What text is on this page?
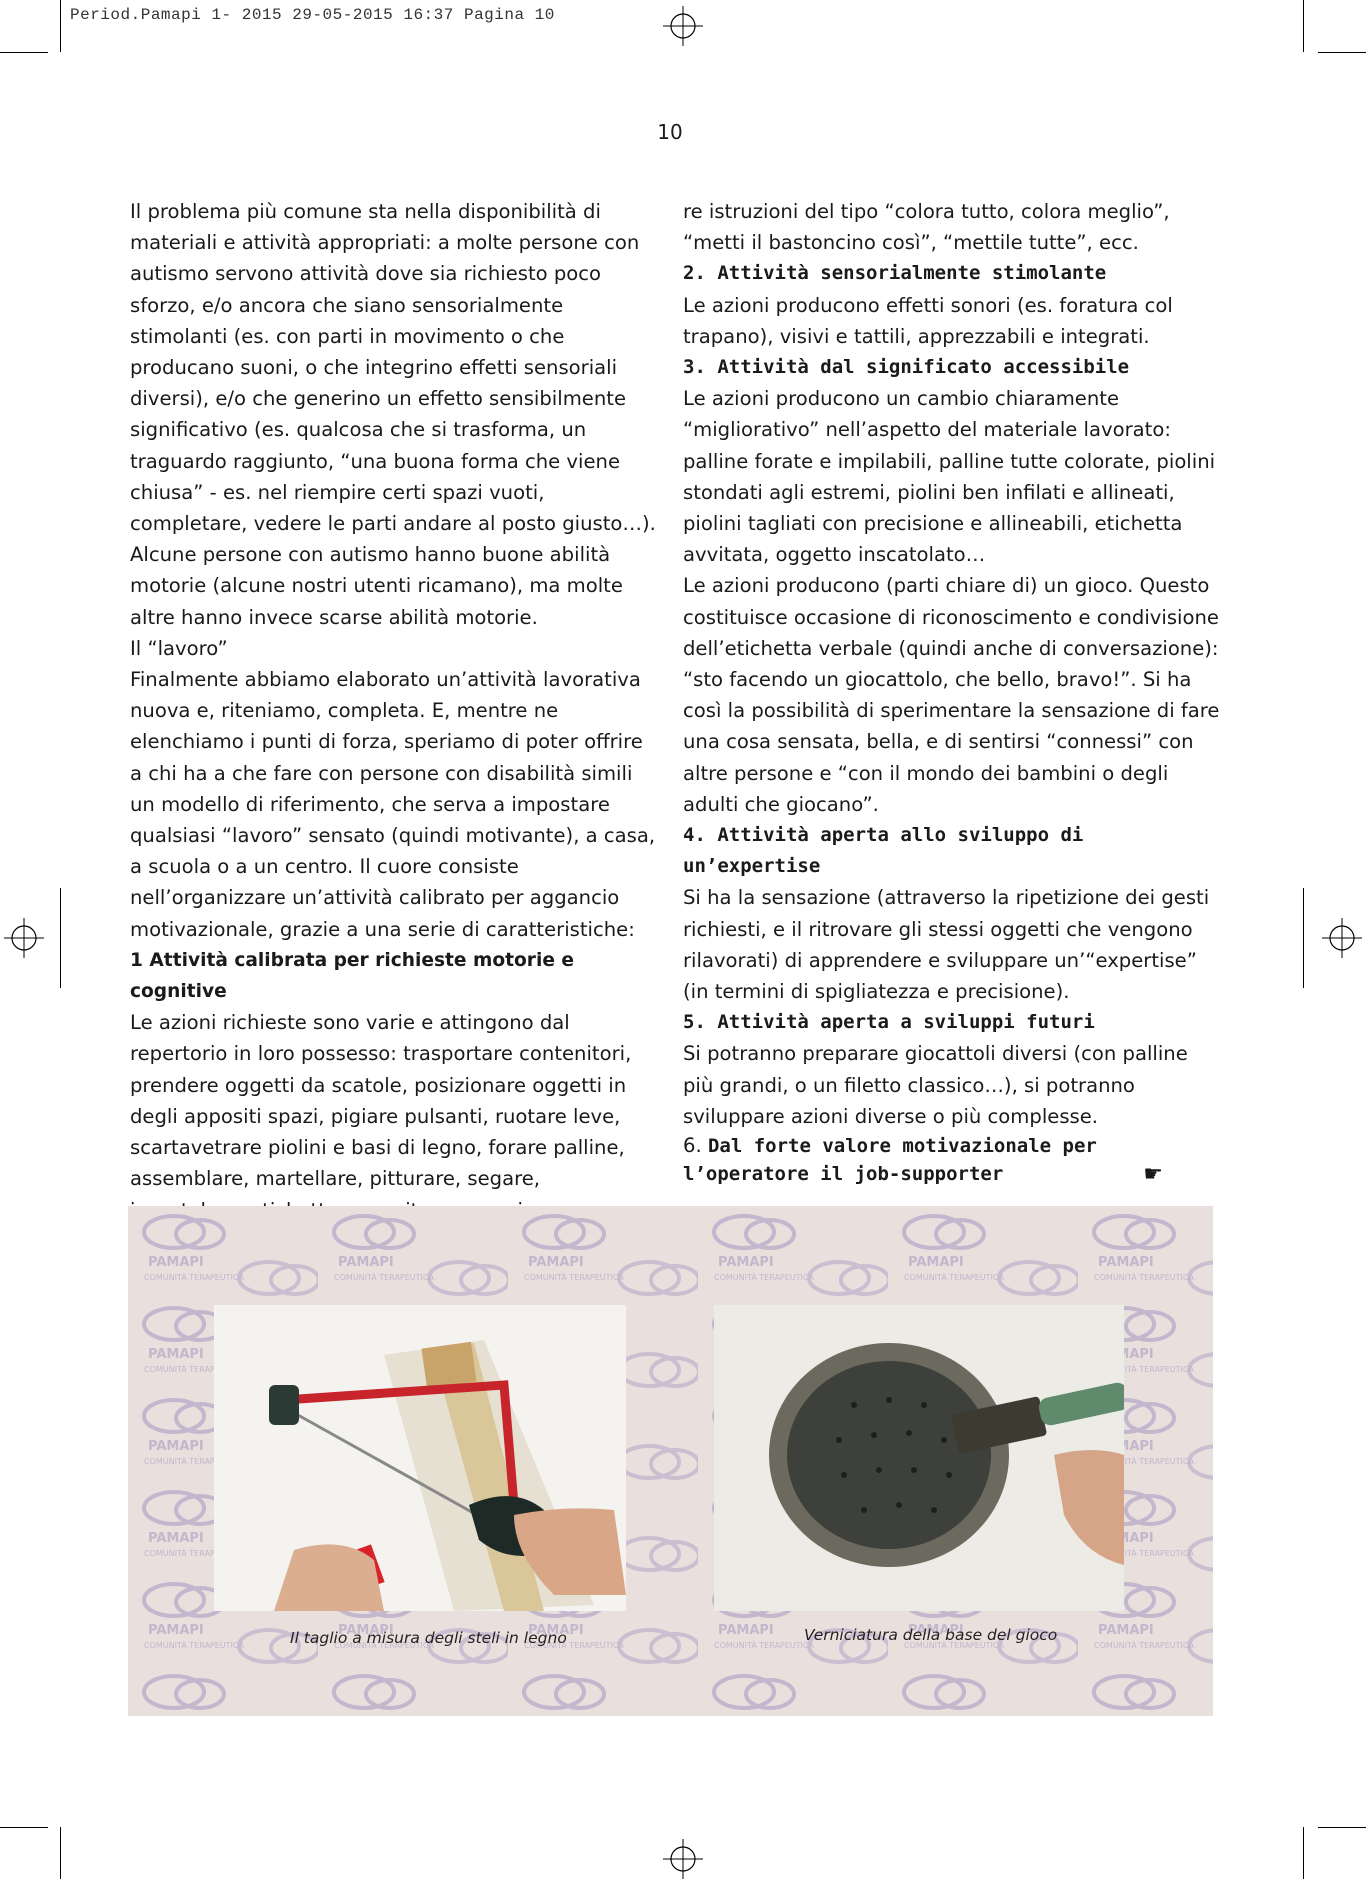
Period.Pamapi 1- 2015 29-05-2015 16:37 Pagina 10
10

Il problema più comune sta nella disponibilità di materiali e attività appropriati: a molte persone con autismo servono attività dove sia richiesto poco sforzo, e/o ancora che siano sensorialmente stimolanti (es. con parti in movimento o che producano suoni, o che integrino effetti sensoriali diversi), e/o che generino un effetto sensibilmente significativo (es. qualcosa che si trasforma, un traguardo raggiunto, “una buona forma che viene chiusa” - es. nel riempire certi spazi vuoti, completare, vedere le parti andare al posto giusto…). Alcune persone con autismo hanno buone abilità motorie (alcune nostri utenti ricamano), ma molte altre hanno invece scarse abilità motorie.

Il “lavoro”

Finalmente abbiamo elaborato un’attività lavorativa nuova e, riteniamo, completa. E, mentre ne elenchiamo i punti di forza, speriamo di poter offrire a chi ha a che fare con persone con disabilità simili un modello di riferimento, che serva a impostare qualsiasi “lavoro” sensato (quindi motivante), a casa, a scuola o a un centro. Il cuore consiste nell’organizzare un’attività calibrato per aggancio motivazionale, grazie a una serie di caratteristiche:

1 Attività calibrata per richieste motorie e cognitive

Le azioni richieste sono varie e attingono dal repertorio in loro possesso: trasportare contenitori, prendere oggetti da scatole, posizionare oggetti in degli appositi spazi, pigiare pulsanti, ruotare leve, scartavetrare piolini e basi di legno, forare palline, assemblare, martellare, pitturare, segare,

re istruzioni del tipo “colora tutto, colora meglio”, “metti il bastoncino così”, “mettile tutte”, ecc.

2. Attività sensorialmente stimolante

Le azioni producono effetti sonori (es. foratura col trapano), visivi e tattili, apprezzabili e integrati.

3. Attività dal significato accessibile

Le azioni producono un cambio chiaramente “migliorativo” nell’aspetto del materiale lavorato: palline forate e impilabili, palline tutte colorate, piolini stondati agli estremi, piolini ben infilati e allineati, piolini tagliati con precisione e allineabili, etichetta avvitata, oggetto inscatolato…

Le azioni producono (parti chiare di) un gioco. Questo costituisce occasione di riconoscimento e condivisione dell’etichetta verbale (quindi anche di conversazione): “sto facendo un giocattolo, che bello, bravo!”. Si ha così la possibilità di sperimentare la sensazione di fare una cosa sensata, bella, e di sentirsi “connessi” con altre persone e “con il mondo dei bambini o degli adulti che giocano”.

4. Attività aperta allo sviluppo di un’expertise

Si ha la sensazione (attraverso la ripetizione dei gesti richiesti, e il ritrovare gli stessi oggetti che vengono rilavorati) di apprendere e sviluppare un’“expertise” (in termini di spigliatezza e precisione).

5. Attività aperta a sviluppi futuri

Si potranno preparare giocattoli diversi (con palline più grandi, o un filetto classico…), si potranno sviluppare azioni diverse o più complesse.

6. Dal forte valore motivazionale per l’operatore il job-supporter	☛

Il taglio a misura degli steli in legno	Verniciatura della base del gioco
